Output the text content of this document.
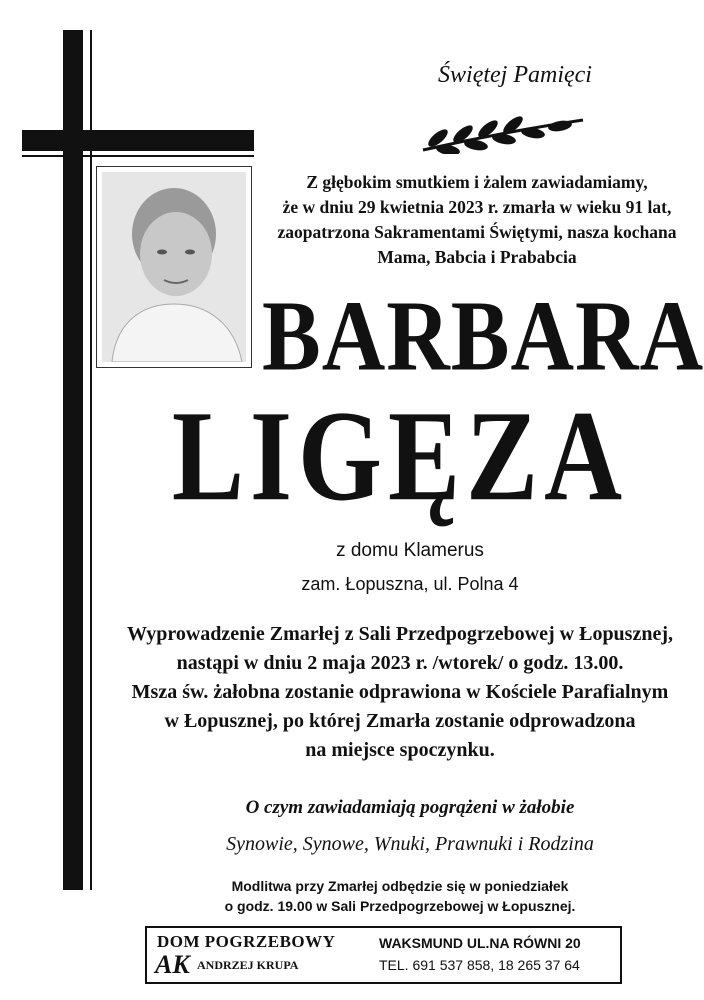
Świętej Pamięci
Z głębokim smutkiem i żalem zawiadamiamy,
że w dniu 29 kwietnia 2023 r. zmarła w wieku 91 lat,
zaopatrzona Sakramentami Świętymi, nasza kochana
Mama, Babcia i Prababcia
BARBARA
LIGĘZA
z domu Klamerus
zam. Łopuszna, ul. Polna 4
Wyprowadzenie Zmarłej z Sali Przedpogrzebowej w Łopusznej,
nastąpi w dniu 2 maja 2023 r. /wtorek/ o godz. 13.00.
Msza św. żałobna zostanie odprawiona w Kościele Parafialnym
w Łopusznej, po której Zmarła zostanie odprowadzona
na miejsce spoczynku.
O czym zawiadamiają pogrążeni w żałobie
Synowie, Synowe, Wnuki, Prawnuki i Rodzina
Modlitwa przy Zmarłej odbędzie się w poniedziałek
o godz. 19.00 w Sali Przedpogrzebowej w Łopusznej.
DOM POGRZEBOWY
AK ANDRZEJ KRUPA
WAKSMUND UL.NA RÓWNI 20
TEL. 691 537 858, 18 265 37 64
